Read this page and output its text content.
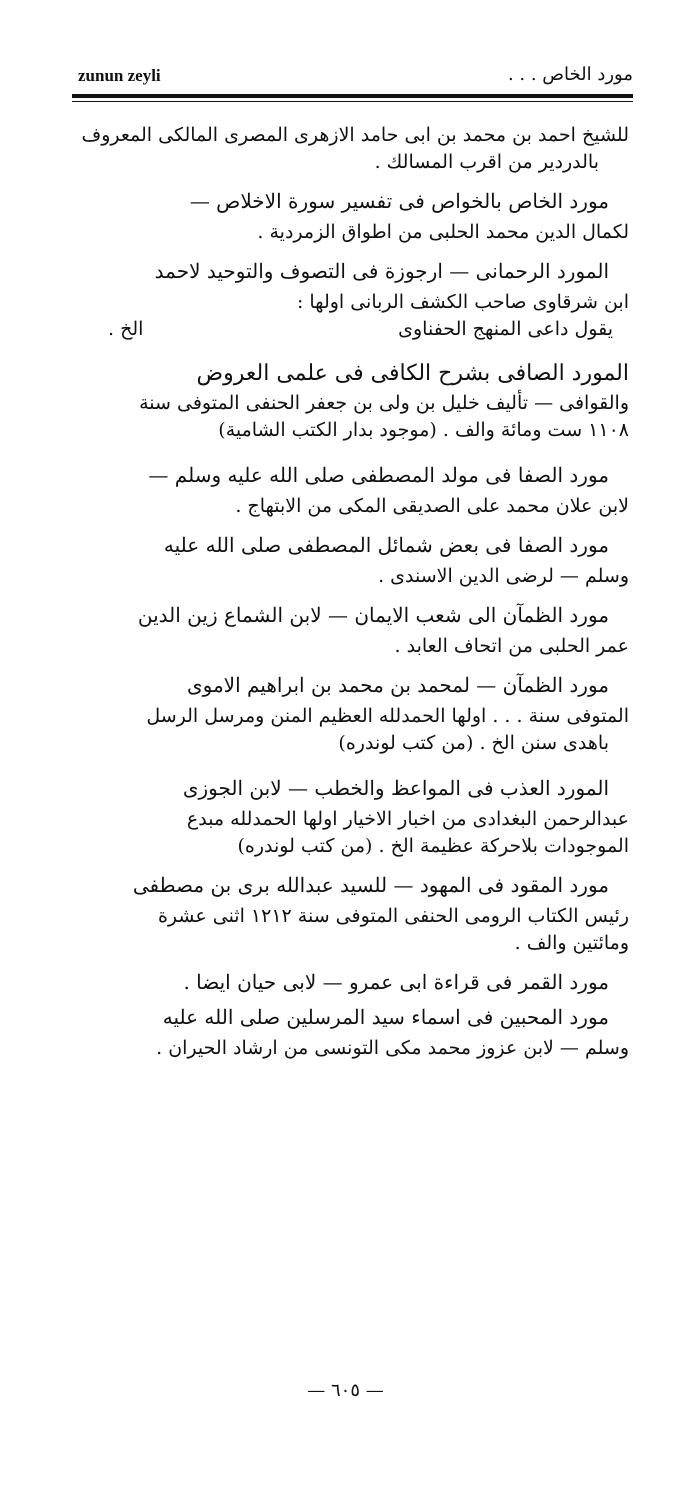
zunun zeyli	مورد الخاص . . .
للشيخ احمد بن محمد بن ابى حامد الازهرى المصرى المالكى المعروف
بالدردير من اقرب المسالك .
مورد الخاص بالخواص فى تفسير سورة الاخلاص —
لكمال الدين محمد الحلبى من اطواق الزمردية .
المورد الرحمانى — ارجوزة فى التصوف والتوحيد لاحمد
ابن شرقاوى صاحب الكشف الربانى اولها :
يقول داعى المنهج الحفناوى
الخ .
المورد الصافى بشرح الكافى فى علمى العروض
والقوافى — تأليف خليل بن ولى بن جعفر الحنفى المتوفى سنة
١١٠٨ ست ومائة والف . (موجود بدار الكتب الشامية)
مورد الصفا فى مولد المصطفى صلى الله عليه وسلم —
لابن علان محمد على الصديقى المكى من الابتهاج .
مورد الصفا فى بعض شمائل المصطفى صلى الله عليه
وسلم — لرضى الدين الاسندى .
مورد الظمآن الى شعب الايمان — لابن الشماع زين الدين
عمر الحلبى من اتحاف العابد .
مورد الظمآن — لمحمد بن محمد بن ابراهيم الاموى
المتوفى سنة . . . اولها الحمدلله العظيم المنن ومرسل الرسل
باهدى سنن الخ . (من كتب لوندره)
المورد العذب فى المواعظ والخطب — لابن الجوزى
عبدالرحمن البغدادى من اخبار الاخيار اولها الحمدلله مبدع
الموجودات بلاحركة عظيمة الخ . (من كتب لوندره)
مورد المقود فى المهود — للسيد عبدالله برى بن مصطفى
رئيس الكتاب الرومى الحنفى المتوفى سنة ١٢١٢ اثنى عشرة
ومائتين والف .
مورد القمر فى قراءة ابى عمرو — لابى حيان ايضا .
مورد المحبين فى اسماء سيد المرسلين صلى الله عليه
وسلم — لابن عزوز محمد مكى التونسى من ارشاد الحيران .
— ٦٠٥ —
